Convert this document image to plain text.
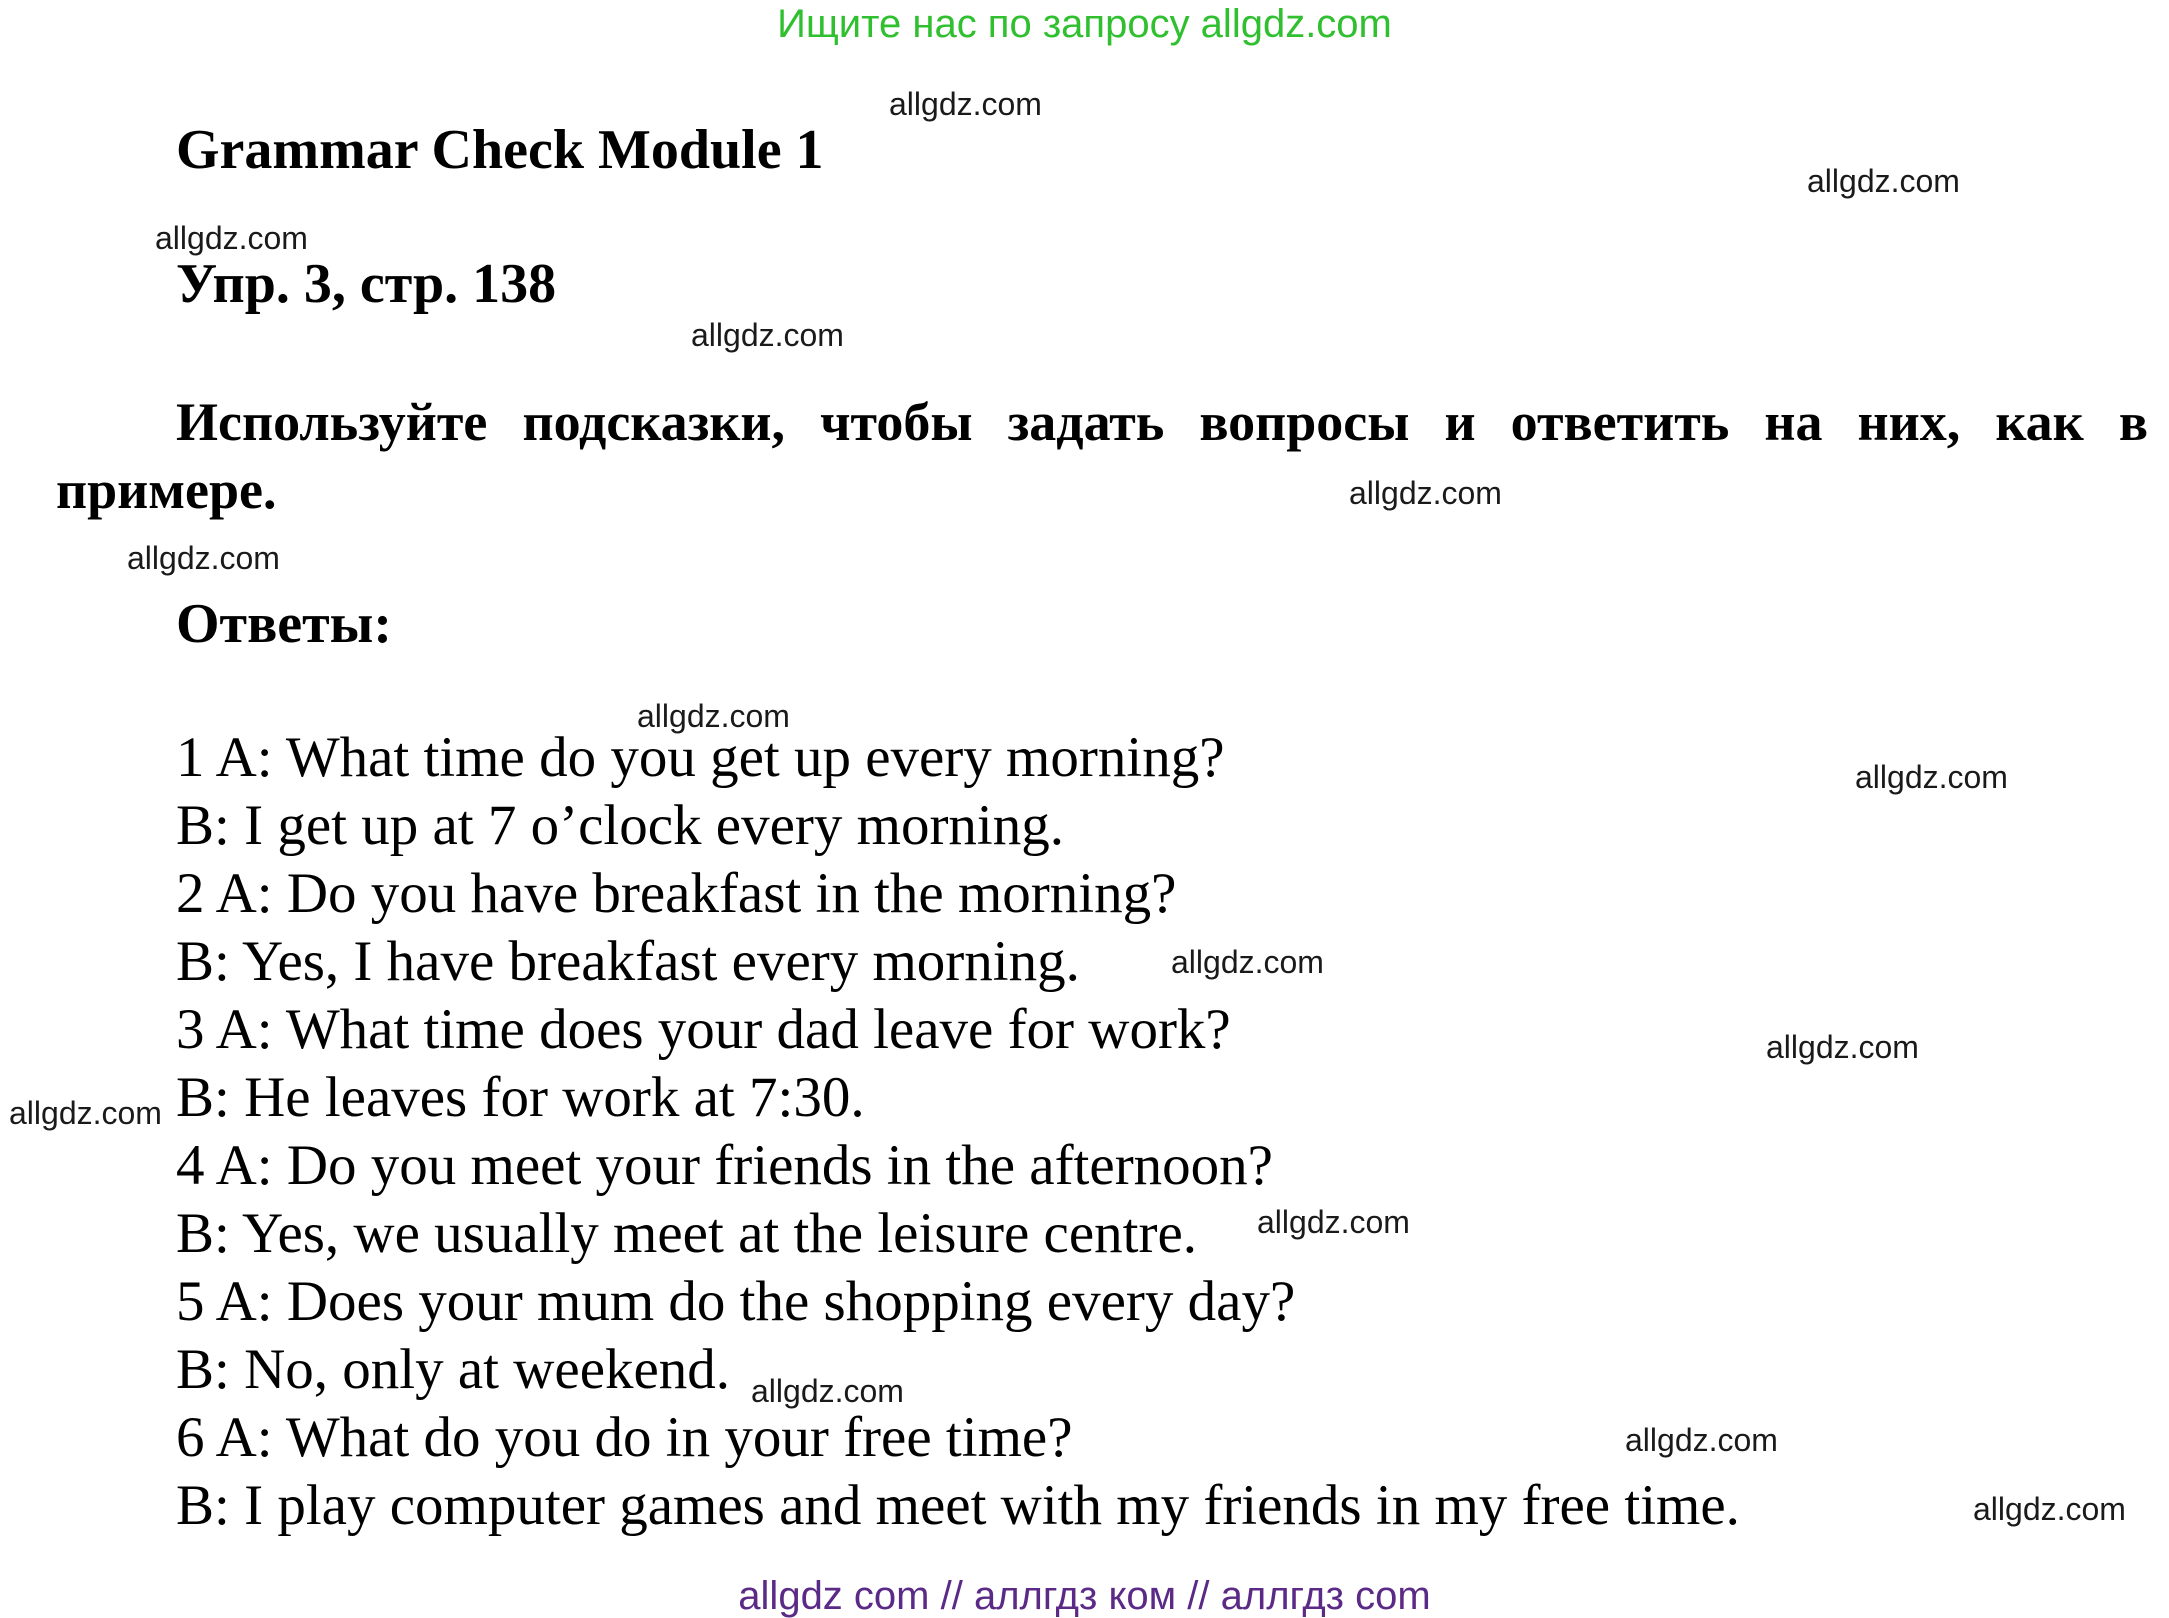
Ищите нас по запросу allgdz.com
Grammar Check Module 1
Упр. 3, стр. 138

Используйте подсказки, чтобы задать вопросы и ответить на них, как в примере.

Ответы:
1 A: What time do you get up every morning?
B: I get up at 7 o’clock every morning.
2 A: Do you have breakfast in the morning?
B: Yes, I have breakfast every morning.
3 A: What time does your dad leave for work?
B: He leaves for work at 7:30.
4 A: Do you meet your friends in the afternoon?
B: Yes, we usually meet at the leisure centre.
5 A: Does your mum do the shopping every day?
B: No, only at weekend.
6 A: What do you do in your free time?
B: I play computer games and meet with my friends in my free time.
allgdz.com
allgdz.com
allgdz.com
allgdz.com
allgdz.com
allgdz.com
allgdz.com
allgdz.com
allgdz.com
allgdz.com
allgdz.com
allgdz.com
allgdz.com
allgdz.com
allgdz.com
allgdz com // аллгдз ком // аллгдз com
